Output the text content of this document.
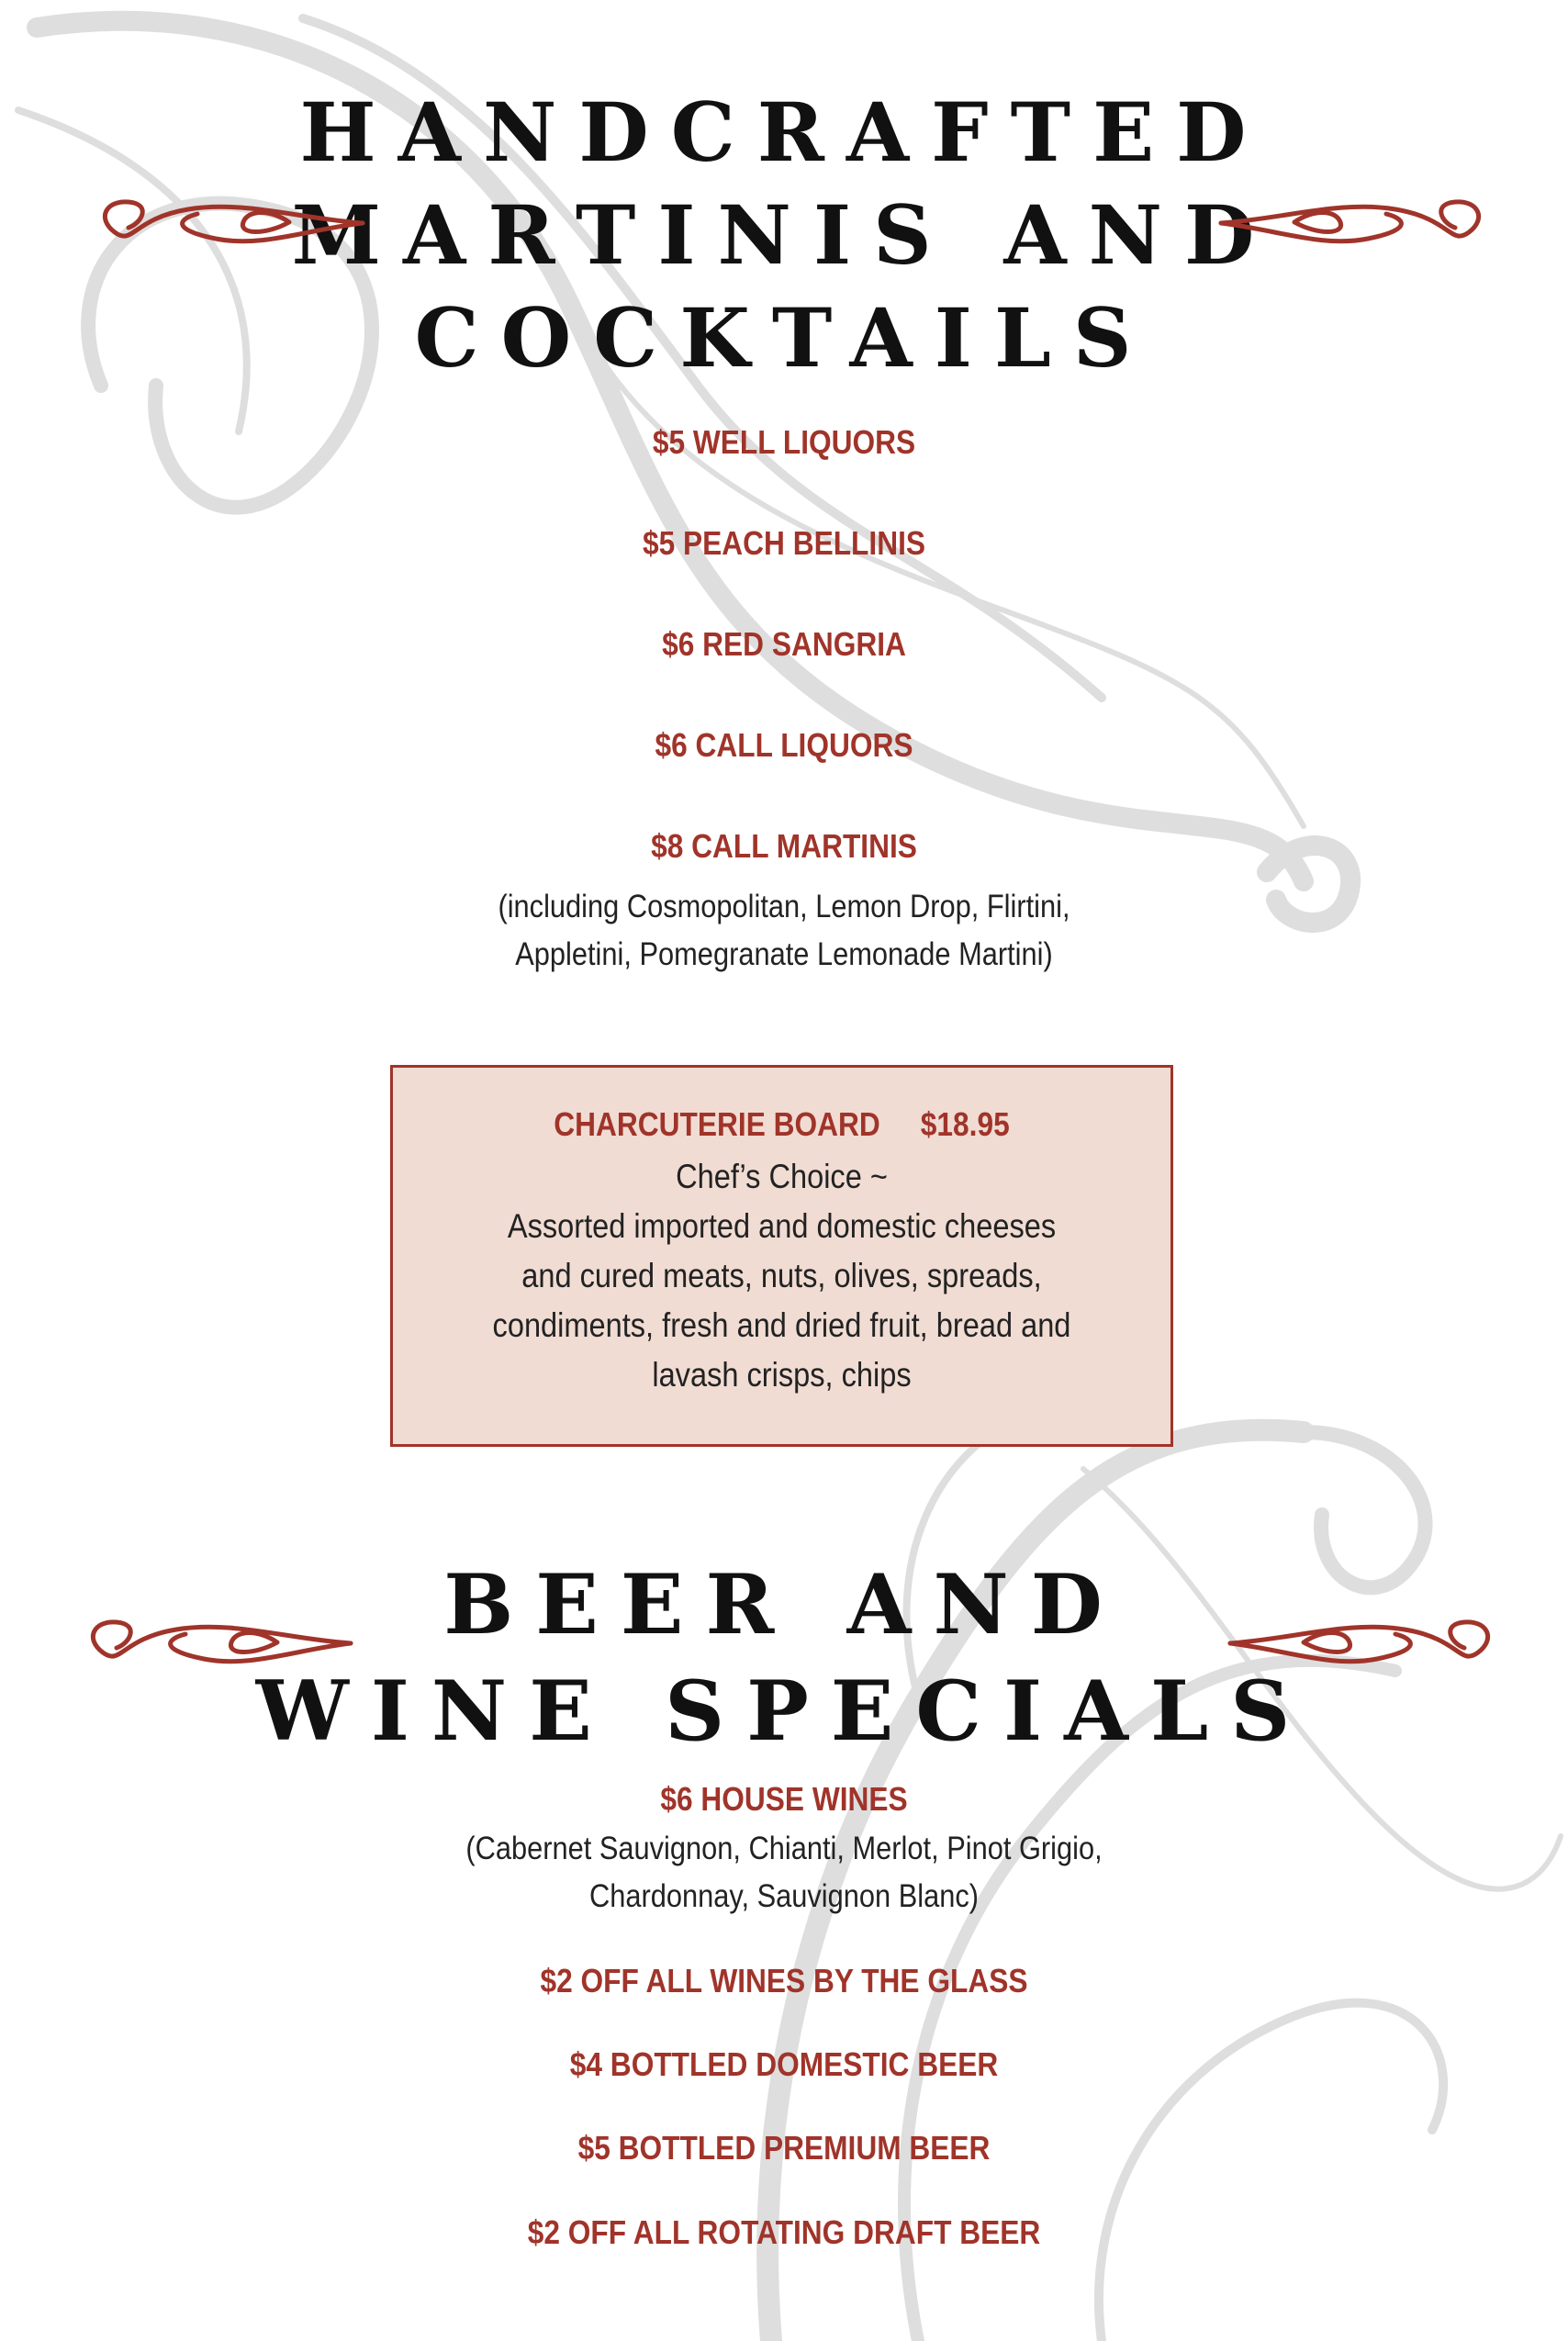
HANDCRAFTED
MARTINIS AND
COCKTAILS
$5 WELL LIQUORS
$5 PEACH BELLINIS
$6 RED SANGRIA
$6 CALL LIQUORS
$8 CALL MARTINIS
(including Cosmopolitan, Lemon Drop, Flirtini,
Appletini, Pomegranate Lemonade Martini)
CHARCUTERIE BOARD     $18.95
Chef’s Choice ~
Assorted imported and domestic cheeses
and cured meats, nuts, olives, spreads,
condiments, fresh and dried fruit, bread and
lavash crisps, chips
BEER AND
WINE SPECIALS
$6 HOUSE WINES
(Cabernet Sauvignon, Chianti, Merlot, Pinot Grigio,
Chardonnay, Sauvignon Blanc)
$2 OFF ALL WINES BY THE GLASS
$4 BOTTLED DOMESTIC BEER
$5 BOTTLED PREMIUM BEER
$2 OFF ALL ROTATING DRAFT BEER
